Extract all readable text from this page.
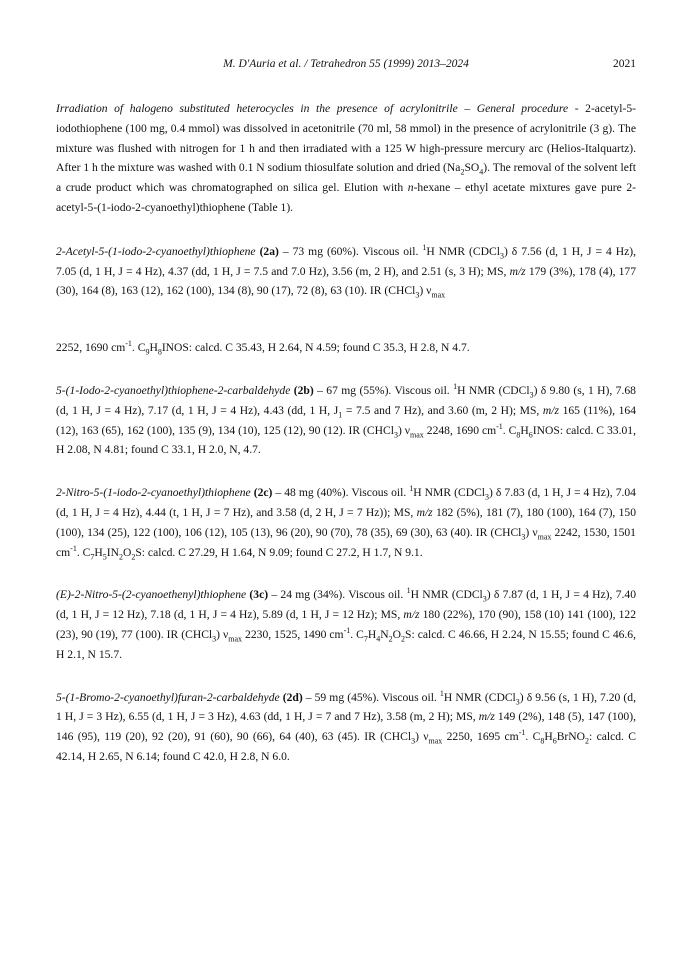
M. D'Auria et al. / Tetrahedron 55 (1999) 2013–2024	2021

Irradiation of halogeno substituted heterocycles in the presence of acrylonitrile – General procedure - 2-acetyl-5-iodothiophene (100 mg, 0.4 mmol) was dissolved in acetonitrile (70 ml, 58 mmol) in the presence of acrylonitrile (3 g). The mixture was flushed with nitrogen for 1 h and then irradiated with a 125 W high-pressure mercury arc (Helios-Italquartz). After 1 h the mixture was washed with 0.1 N sodium thiosulfate solution and dried $(Na_2SO_4)$. The removal of the solvent left a crude product which was chromatographed on silica gel. Elution with n-hexane – ethyl acetate mixtures gave pure 2-acetyl-5-(1-iodo-2-cyanoethyl)thiophene (Table 1).

2-Acetyl-5-(1-iodo-2-cyanoethyl)thiophene (2a) – 73 mg (60%). Viscous oil. $^1$H NMR (CDCl$_3$) δ 7.56 (d, 1 H, J = 4 Hz), 7.05 (d, 1 H, J = 4 Hz), 4.37 (dd, 1 H, J = 7.5 and 7.0 Hz), 3.56 (m, 2 H), and 2.51 (s, 3 H); MS, m/z 179 (3%), 178 (4), 177 (30), 164 (8), 163 (12), 162 (100), 134 (8), 90 (17), 72 (8), 63 (10). IR (CHCl$_3$) $\nu_{max}$

2252, 1690 $cm^{-1}$. $C_9H_8INOS$: calcd. C 35.43, H 2.64, N 4.59; found C 35.3, H 2.8, N 4.7.

5-(1-Iodo-2-cyanoethyl)thiophene-2-carbaldehyde (2b) – 67 mg (55%). Viscous oil. $^1$H NMR (CDCl$_3$) δ 9.80 (s, 1 H), 7.68 (d, 1 H, J = 4 Hz), 7.17 (d, 1 H, J = 4 Hz), 4.43 (dd, 1 H, $J_1 = 7.5$ and 7 Hz), and 3.60 (m, 2 H); MS, m/z 165 (11%), 164 (12), 163 (65), 162 (100), 135 (9), 134 (10), 125 (12), 90 (12). IR (CHCl$_3$) $\nu_{max}$ 2248, 1690 $cm^{-1}$. $C_8H_6INOS$: calcd. C 33.01, H 2.08, N 4.81; found C 33.1, H 2.0, N, 4.7.

2-Nitro-5-(1-iodo-2-cyanoethyl)thiophene (2c) – 48 mg (40%). Viscous oil. $^1$H NMR (CDCl$_3$) δ 7.83 (d, 1 H, J = 4 Hz), 7.04 (d, 1 H, J = 4 Hz), 4.44 (t, 1 H, J = 7 Hz), and 3.58 (d, 2 H, J = 7 Hz)); MS, m/z 182 (5%), 181 (7), 180 (100), 164 (7), 150 (100), 134 (25), 122 (100), 106 (12), 105 (13), 96 (20), 90 (70), 78 (35), 69 (30), 63 (40). IR (CHCl$_3$) $\nu_{max}$ 2242, 1530, 1501 $cm^{-1}$. $C_7H_5IN_2O_2S$: calcd. C 27.29, H 1.64, N 9.09; found C 27.2, H 1.7, N 9.1.

(E)-2-Nitro-5-(2-cyanoethenyl)thiophene (3c) – 24 mg (34%). Viscous oil. $^1$H NMR (CDCl$_3$) δ 7.87 (d, 1 H, J = 4 Hz), 7.40 (d, 1 H, J = 12 Hz), 7.18 (d, 1 H, J = 4 Hz), 5.89 (d, 1 H, J = 12 Hz); MS, m/z 180 (22%), 170 (90), 158 (10) 141 (100), 122 (23), 90 (19), 77 (100). IR (CHCl$_3$) $\nu_{max}$ 2230, 1525, 1490 $cm^{-1}$. $C_7H_4N_2O_2S$: calcd. C 46.66, H 2.24, N 15.55; found C 46.6, H 2.1, N 15.7.

5-(1-Bromo-2-cyanoethyl)furan-2-carbaldehyde (2d) – 59 mg (45%). Viscous oil. $^1$H NMR (CDCl$_3$) δ 9.56 (s, 1 H), 7.20 (d, 1 H, J = 3 Hz), 6.55 (d, 1 H, J = 3 Hz), 4.63 (dd, 1 H, J = 7 and 7 Hz), 3.58 (m, 2 H); MS, m/z 149 (2%), 148 (5), 147 (100), 146 (95), 119 (20), 92 (20), 91 (60), 90 (66), 64 (40), 63 (45). IR (CHCl$_3$) $\nu_{max}$ 2250, 1695 $cm^{-1}$. $C_8H_6BrNO_2$: calcd. C 42.14, H 2.65, N 6.14; found C 42.0, H 2.8, N 6.0.
